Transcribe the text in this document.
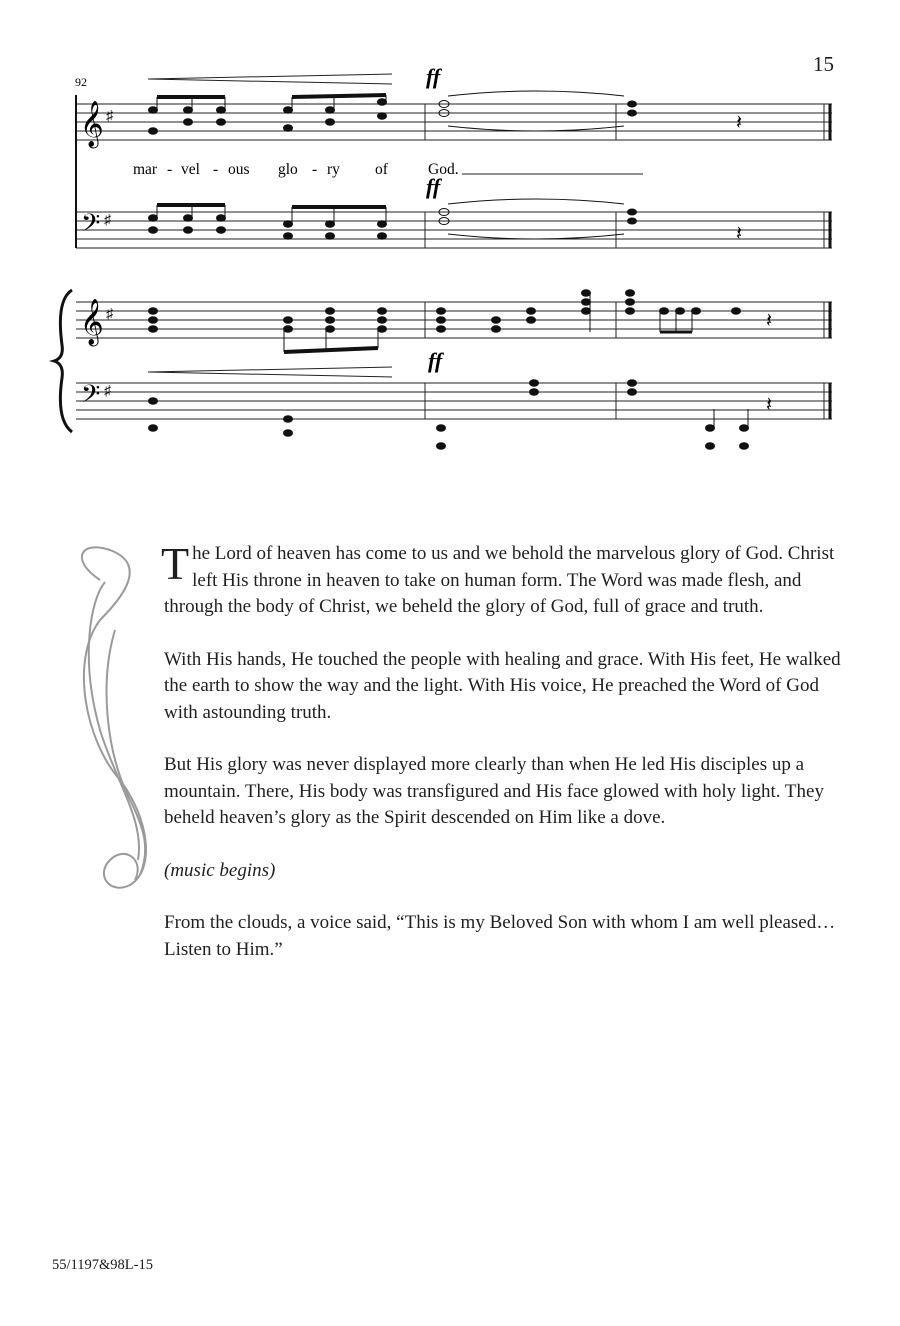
15
92
𝄞 ♯
ff
𝄽
mar - vel - ous glo - ry of	God.
𝄢 ♯
ff
𝄽
𝄞 ♯	𝄽
𝄢 ♯
ff
𝄽

The Lord of heaven has come to us and we behold the marvelous glory of God. Christ left His throne in heaven to take on human form. The Word was made flesh, and through the body of Christ, we beheld the glory of God, full of grace and truth.

With His hands, He touched the people with healing and grace. With His feet, He walked the earth to show the way and the light. With His voice, He preached the Word of God with astounding truth.

But His glory was never displayed more clearly than when He led His disciples up a mountain. There, His body was transfigured and His face glowed with holy light. They beheld heaven’s glory as the Spirit descended on Him like a dove.

(music begins)

From the clouds, a voice said, “This is my Beloved Son with whom I am well pleased… Listen to Him.”

55/1197&98L-15
